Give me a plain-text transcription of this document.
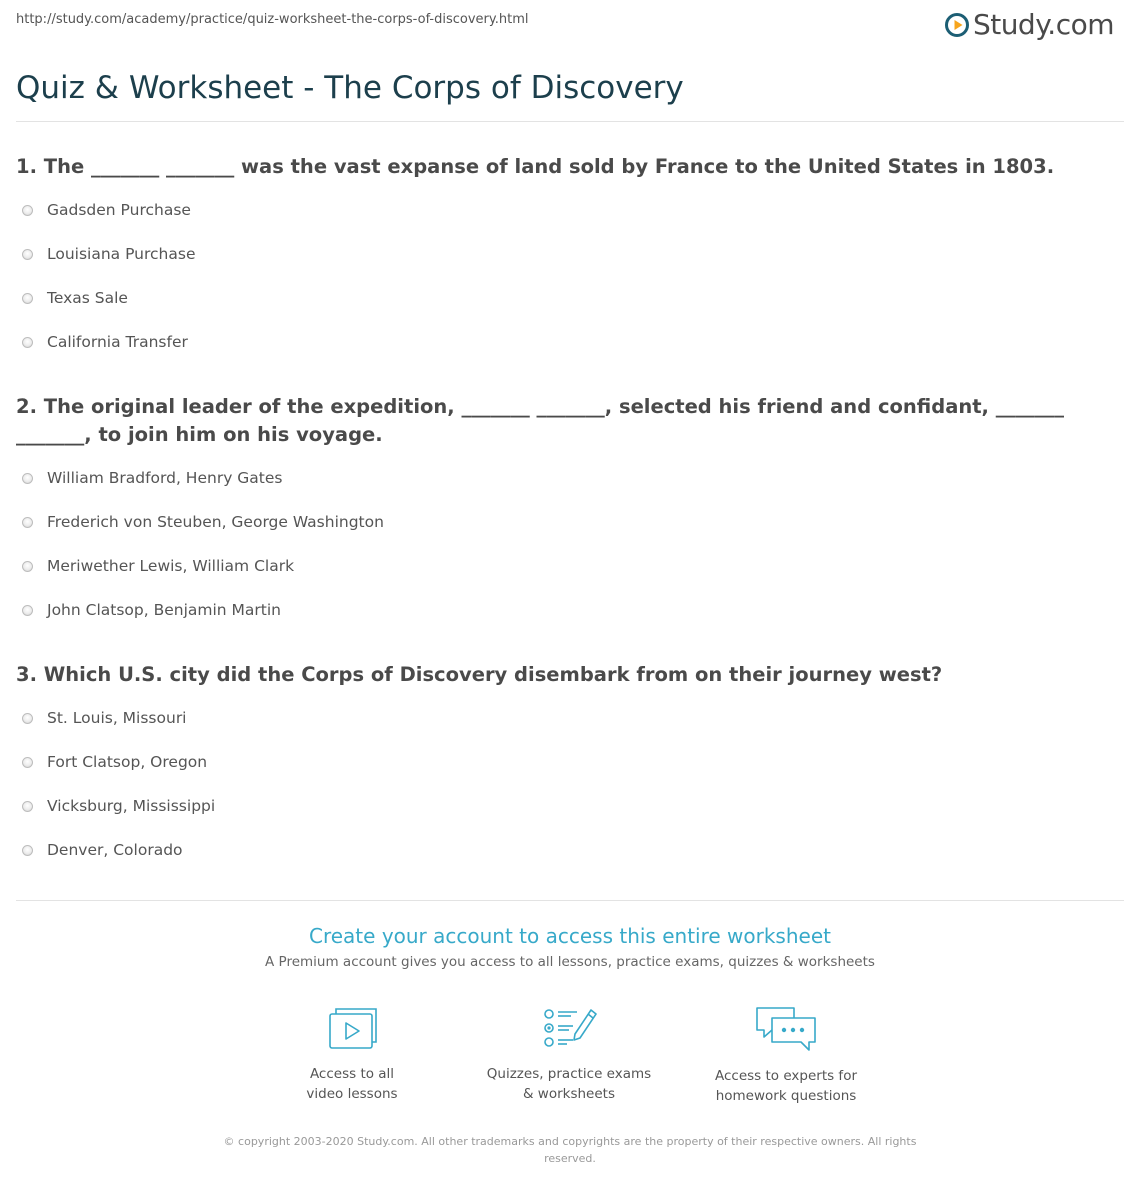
http://study.com/academy/practice/quiz-worksheet-the-corps-of-discovery.html	Study.com
Quiz & Worksheet - The Corps of Discovery

1. The _______ _______ was the vast expanse of land sold by France to the United States in 1803.

Gadsden Purchase
Louisiana Purchase
Texas Sale
California Transfer

2. The original leader of the expedition, _______ _______, selected his friend and confidant, _______ _______, to join him on his voyage.

William Bradford, Henry Gates
Frederich von Steuben, George Washington
Meriwether Lewis, William Clark
John Clatsop, Benjamin Martin

3. Which U.S. city did the Corps of Discovery disembark from on their journey west?

St. Louis, Missouri
Fort Clatsop, Oregon
Vicksburg, Mississippi
Denver, Colorado
Create your account to access this entire worksheet
A Premium account gives you access to all lessons, practice exams, quizzes & worksheets
Access to all
video lessons
Quizzes, practice exams
& worksheets
Access to experts for
homework questions
© copyright 2003-2020 Study.com. All other trademarks and copyrights are the property of their respective owners. All rights reserved.
